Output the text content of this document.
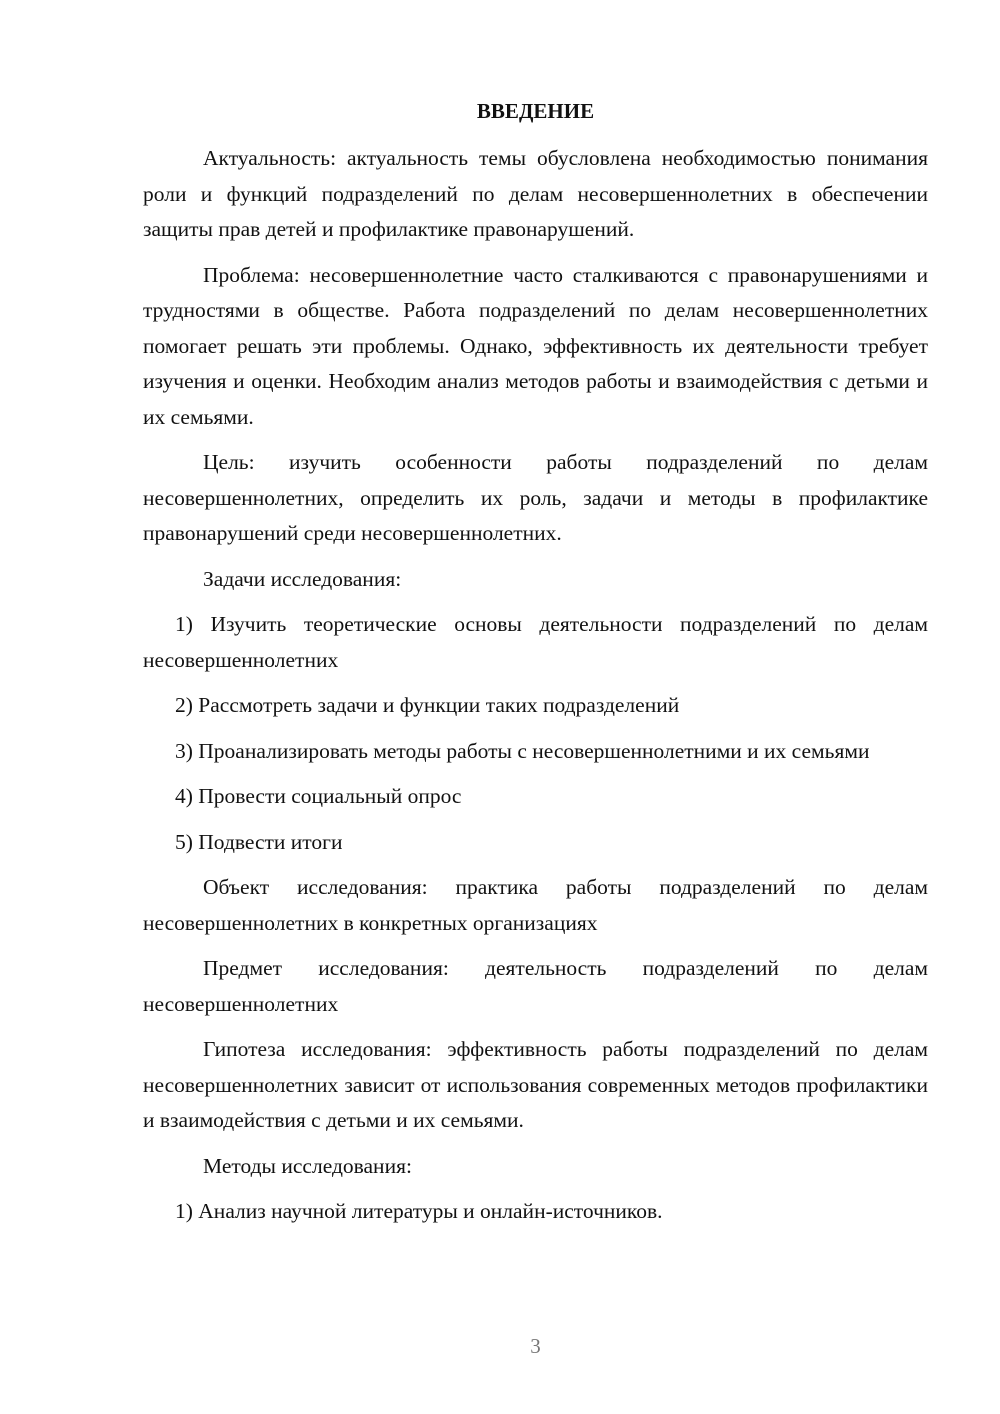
ВВЕДЕНИЕ

Актуальность: актуальность темы обусловлена необходимостью понимания роли и функций подразделений по делам несовершеннолетних в обеспечении защиты прав детей и профилактике правонарушений.

Проблема: несовершеннолетние часто сталкиваются с правонарушениями и трудностями в обществе. Работа подразделений по делам несовершеннолетних помогает решать эти проблемы. Однако, эффективность их деятельности требует изучения и оценки. Необходим анализ методов работы и взаимодействия с детьми и их семьями.

Цель: изучить особенности работы подразделений по делам несовершеннолетних, определить их роль, задачи и методы в профилактике правонарушений среди несовершеннолетних.

Задачи исследования:

1) Изучить теоретические основы деятельности подразделений по делам несовершеннолетних

2) Рассмотреть задачи и функции таких подразделений

3) Проанализировать методы работы с несовершеннолетними и их семьями

4) Провести социальный опрос

5) Подвести итоги

Объект исследования: практика работы подразделений по делам несовершеннолетних в конкретных организациях

Предмет исследования: деятельность подразделений по делам несовершеннолетних

Гипотеза исследования: эффективность работы подразделений по делам несовершеннолетних зависит от использования современных методов профилактики и взаимодействия с детьми и их семьями.

Методы исследования:

1) Анализ научной литературы и онлайн-источников.

3
